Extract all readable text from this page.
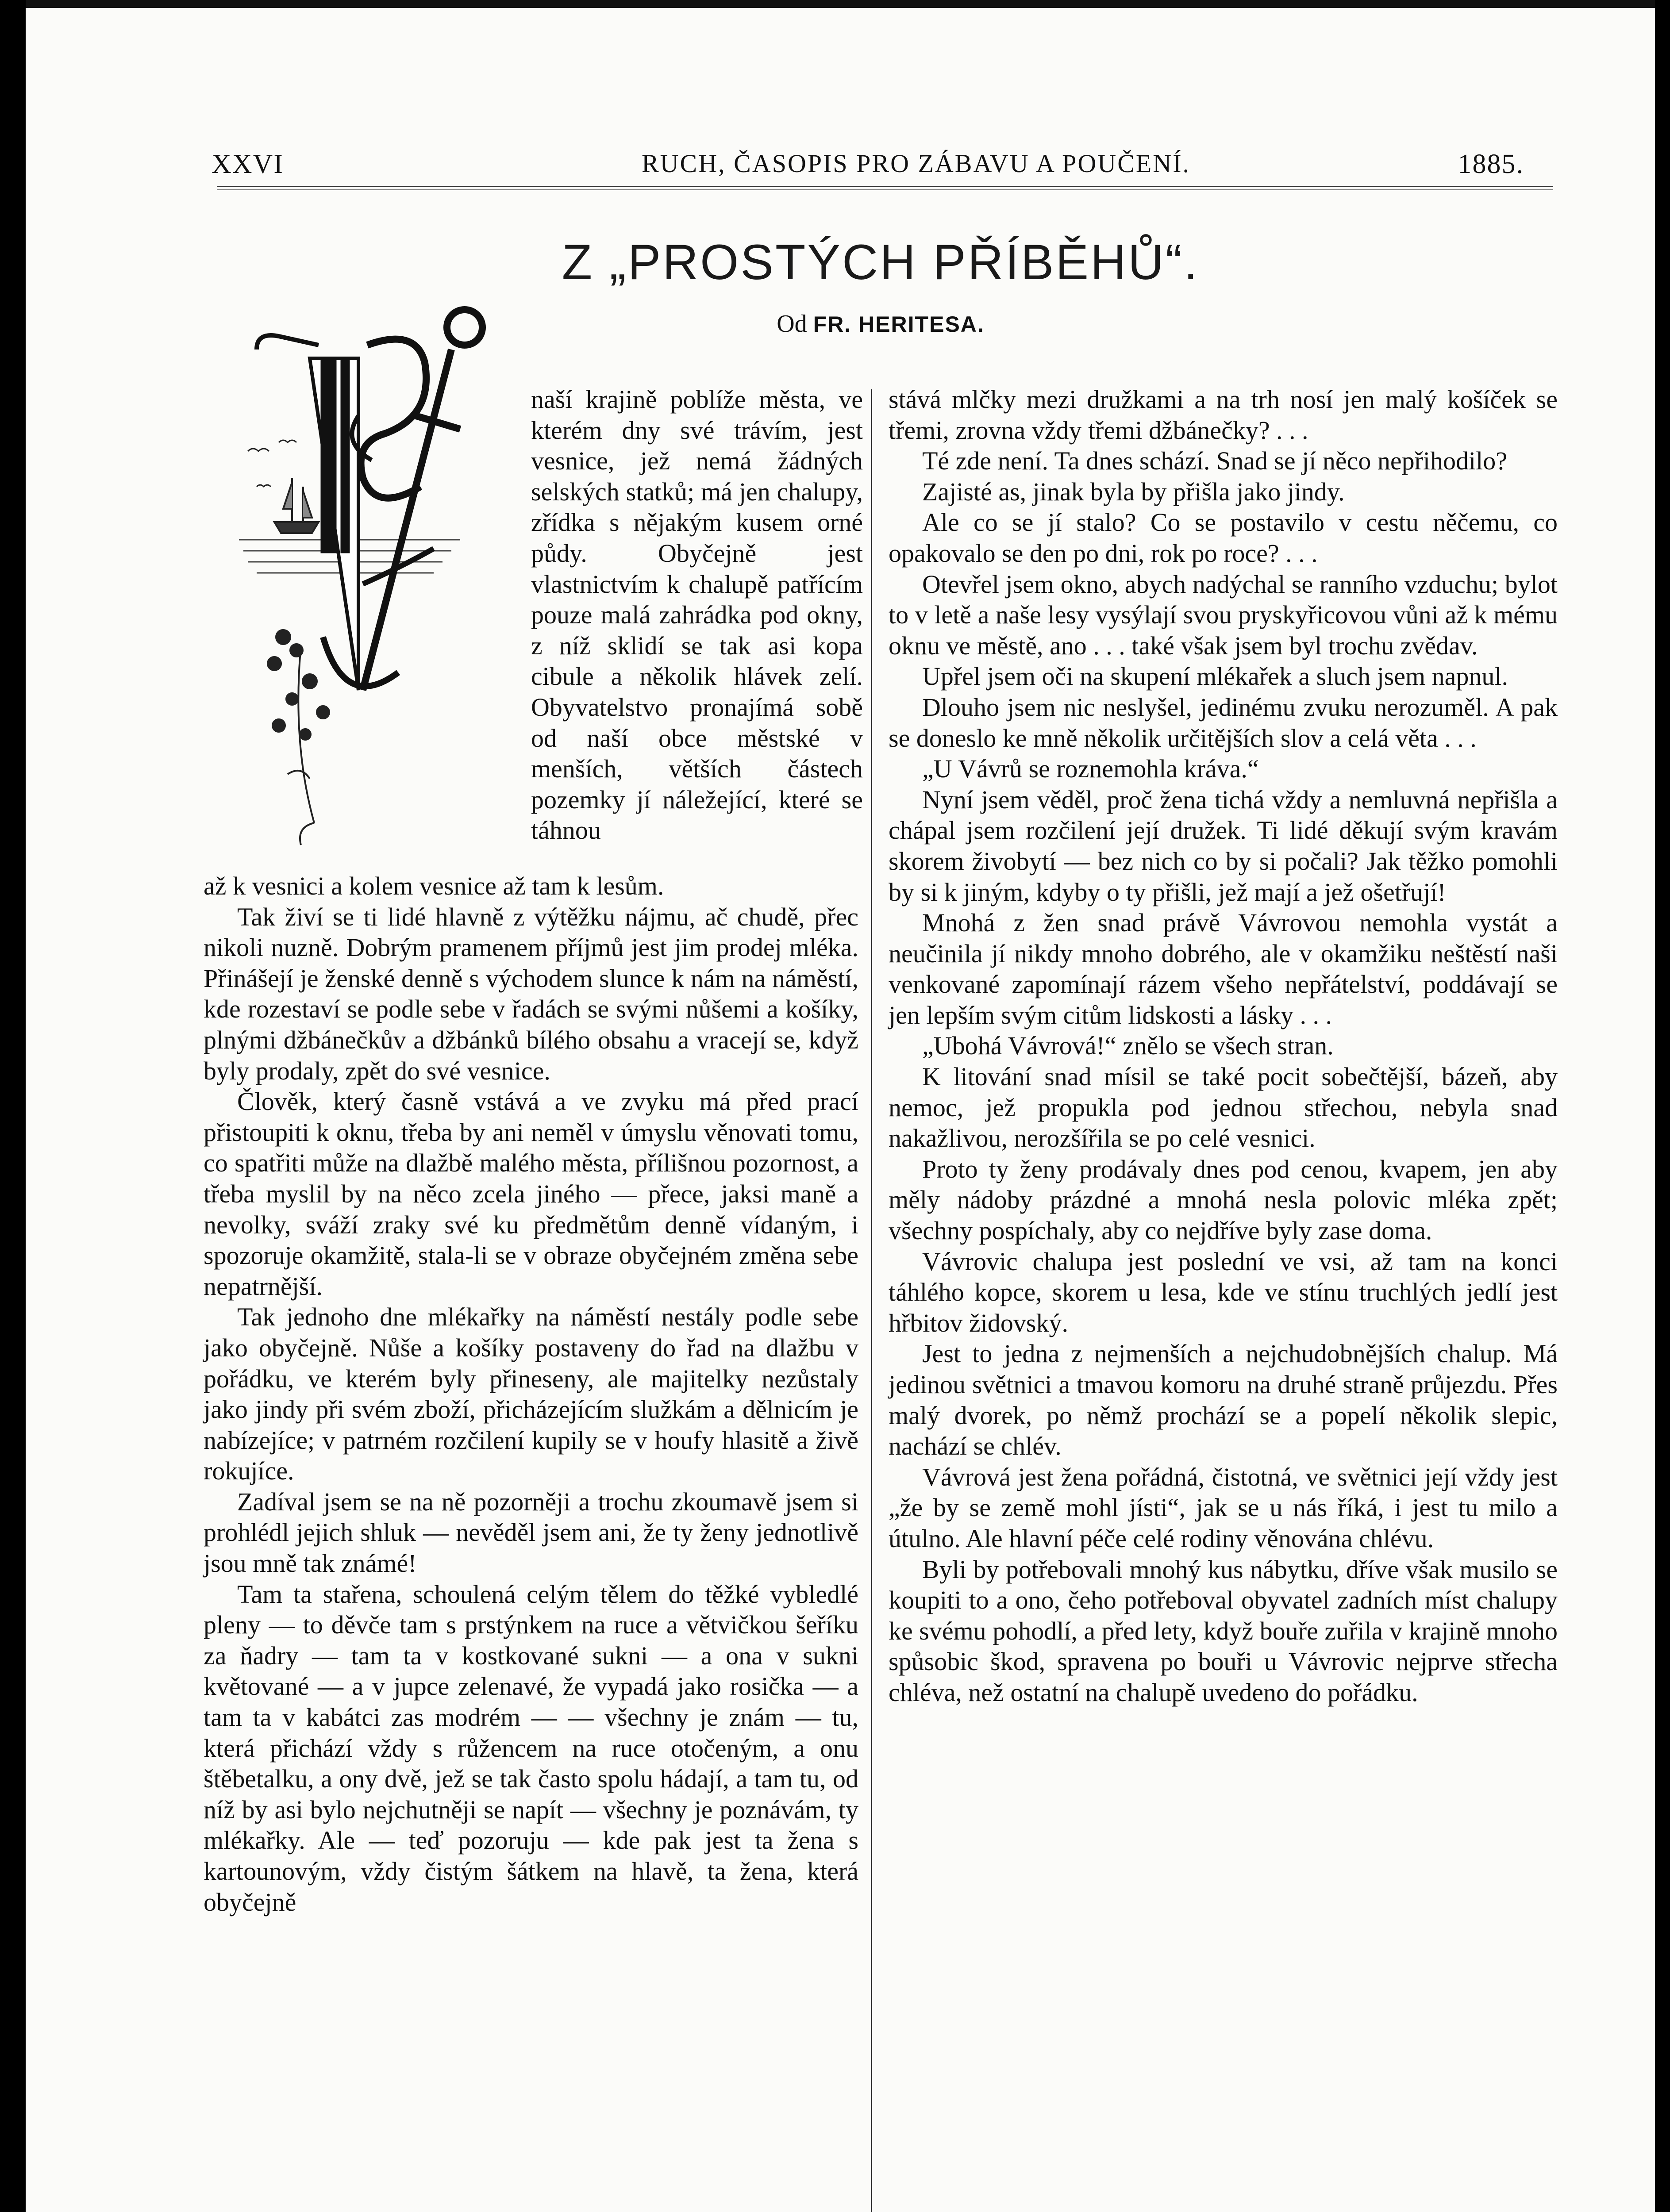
XXVI	RUCH, ČASOPIS PRO ZÁBAVU A POUČENÍ.	1885.
Z „PROSTÝCH PŘÍBĚHŮ“.
Od FR. HERITESA.

naší krajině poblíže města, ve kterém dny své trávím, jest vesnice, jež nemá žádných selských statků; má jen chalupy, zřídka s nějakým kusem orné půdy. Obyčejně jest vlastnictvím k chalupě patřícím pouze malá zahrádka pod okny, z níž sklidí se tak asi kopa cibule a několik hlávek zelí. Obyvatelstvo pronajímá sobě od naší obce městské v menších, větších částech pozemky jí náležející, které se táhnou

až k vesnici a kolem vesnice až tam k lesům.

Tak živí se ti lidé hlavně z výtěžku nájmu, ač chudě, přec nikoli nuzně. Dobrým pramenem příjmů jest jim prodej mléka. Přinášejí je ženské denně s východem slunce k nám na náměstí, kde rozestaví se podle sebe v řadách se svými nůšemi a košíky, plnými džbánečkův a džbánků bílého obsahu a vracejí se, když byly prodaly, zpět do své vesnice.

Člověk, který časně vstává a ve zvyku má před prací přistoupiti k oknu, třeba by ani neměl v úmyslu věnovati tomu, co spatřiti může na dlažbě malého města, přílišnou pozornost, a třeba myslil by na něco zcela jiného — přece, jaksi maně a nevolky, sváží zraky své ku předmětům denně vídaným, i spozoruje okamžitě, stala-li se v obraze obyčejném změna sebe nepatrnější.

Tak jednoho dne mlékařky na náměstí nestály podle sebe jako obyčejně. Nůše a košíky postaveny do řad na dlažbu v pořádku, ve kterém byly přineseny, ale majitelky nezůstaly jako jindy při svém zboží, přicházejícím služkám a dělnicím je nabízejíce; v patrném rozčilení kupily se v houfy hlasitě a živě rokujíce.

Zadíval jsem se na ně pozorněji a trochu zkoumavě jsem si prohlédl jejich shluk — nevěděl jsem ani, že ty ženy jednotlivě jsou mně tak známé!

Tam ta stařena, schoulená celým tělem do těžké vybledlé pleny — to děvče tam s prstýnkem na ruce a větvičkou šeříku za ňadry — tam ta v kostkované sukni — a ona v sukni květované — a v jupce zelenavé, že vypadá jako rosička — a tam ta v kabátci zas modrém — — všechny je znám — tu, která přichází vždy s růžencem na ruce otočeným, a onu štěbetalku, a ony dvě, jež se tak často spolu hádají, a tam tu, od níž by asi bylo nejchutněji se napít — všechny je poznávám, ty mlékařky. Ale — teď pozoruju — kde pak jest ta žena s kartounovým, vždy čistým šátkem na hlavě, ta žena, která obyčejně

stává mlčky mezi družkami a na trh nosí jen malý košíček se třemi, zrovna vždy třemi džbánečky? . . .

Té zde není. Ta dnes schází. Snad se jí něco nepřihodilo?

Zajisté as, jinak byla by přišla jako jindy.

Ale co se jí stalo? Co se postavilo v cestu něčemu, co opakovalo se den po dni, rok po roce? . . .

Otevřel jsem okno, abych nadýchal se ranního vzduchu; bylot to v letě a naše lesy vysýlají svou pryskyřicovou vůni až k mému oknu ve městě, ano . . . také však jsem byl trochu zvědav.

Upřel jsem oči na skupení mlékařek a sluch jsem napnul.

Dlouho jsem nic neslyšel, jedinému zvuku nerozuměl. A pak se doneslo ke mně několik určitějších slov a celá věta . . .

„U Vávrů se roznemohla kráva.“

Nyní jsem věděl, proč žena tichá vždy a nemluvná nepřišla a chápal jsem rozčilení její družek. Ti lidé děkují svým kravám skorem živobytí — bez nich co by si počali? Jak těžko pomohli by si k jiným, kdyby o ty přišli, jež mají a jež ošetřují!

Mnohá z žen snad právě Vávrovou nemohla vystát a neučinila jí nikdy mnoho dobrého, ale v okamžiku neštěstí naši venkované zapomínají rázem všeho nepřátelství, poddávají se jen lepším svým citům lidskosti a lásky . . .

„Ubohá Vávrová!“ znělo se všech stran.

K litování snad mísil se také pocit sobečtější, bázeň, aby nemoc, jež propukla pod jednou střechou, nebyla snad nakažlivou, nerozšířila se po celé vesnici.

Proto ty ženy prodávaly dnes pod cenou, kvapem, jen aby měly nádoby prázdné a mnohá nesla polovic mléka zpět; všechny pospíchaly, aby co nejdříve byly zase doma.

Vávrovic chalupa jest poslední ve vsi, až tam na konci táhlého kopce, skorem u lesa, kde ve stínu truchlých jedlí jest hřbitov židovský.

Jest to jedna z nejmenších a nejchudobnějších chalup. Má jedinou světnici a tmavou komoru na druhé straně průjezdu. Přes malý dvorek, po němž prochází se a popelí několik slepic, nachází se chlév.

Vávrová jest žena pořádná, čistotná, ve světnici její vždy jest „že by se země mohl jísti“, jak se u nás říká, i jest tu milo a útulno. Ale hlavní péče celé rodiny věnována chlévu.

Byli by potřebovali mnohý kus nábytku, dříve však musilo se koupiti to a ono, čeho potřeboval obyvatel zadních míst chalupy ke svému pohodlí, a před lety, když bouře zuřila v krajině mnoho spůsobic škod, spravena po bouři u Vávrovic nejprve střecha chléva, než ostatní na chalupě uvedeno do pořádku.
